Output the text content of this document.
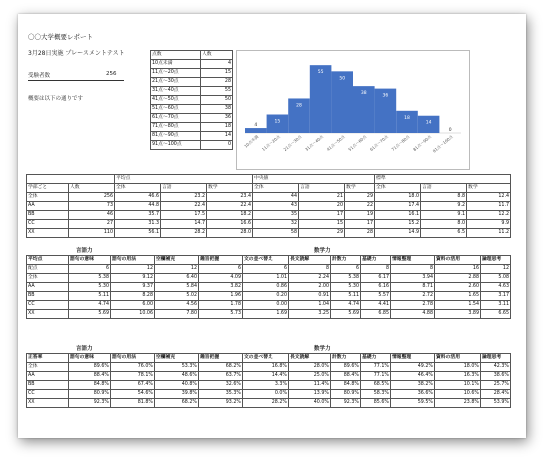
〇〇大学概要レポート
3月28日実施 プレースメントテスト
受験者数	256
概要は以下の通りです
点数	人数
10点未満	4
11点～20点	15
21点～30点	28
31点～40点	55
41点～50点	50
51点～60点	38
61点～70点	36
71点～80点	18
81点～90点	14
91点～100点	0
4
10点未満
15
11点～20点
28
21点～30点
55
31点～40点
50
41点～50点
38
51点～60点
36
61点～70点
18
71点～80点
14
81点～90点
0
91点～100点
		平均点			中央値			標準		
学部ごと	人数	全体	言語	数学	全体	言語	数学	全体	言語	数学
全体	256	46.6	23.2	23.4	44	21	29	18.0	8.8	12.4
AA	73	44.8	22.4	22.4	43	20	22	17.4	9.2	11.7
BB	46	35.7	17.5	18.2	35	17	19	16.1	9.1	12.2
CC	27	31.3	14.7	16.6	32	15	17	15.2	8.0	9.9
XX	110	56.1	28.2	28.0	58	29	28	14.9	6.5	11.2
言語力	数学力
平均点	語句の意味	語句の用法	空欄補充	趣旨把握	文の並べ替え	長文読解	計数力	基礎力	情報整理	資料の活用	論理思考
配点	6	12	12	6	6	8	6	8	8	16	12
全体	5.38	9.12	6.40	4.09	1.01	2.24	5.38	6.17	3.94	2.88	5.08
AA	5.30	9.37	5.84	3.82	0.86	2.00	5.30	6.16	8.71	2.60	4.63
BB	5.11	8.28	5.02	1.96	0.20	0.91	5.11	5.57	2.72	1.65	3.17
CC	4.74	6.00	4.56	1.78	0.00	1.04	4.74	4.41	2.78	1.54	3.11
XX	5.69	10.06	7.80	5.73	1.69	3.25	5.69	6.85	4.88	3.89	6.65
言語力	数学力
正答率	語句の意味	語句の用法	空欄補充	趣旨把握	文の並べ替え	長文読解	計数力	基礎力	情報整理	資料の活用	論理思考
全体	89.6%	76.0%	53.3%	68.2%	16.8%	28.0%	89.6%	77.1%	49.2%	18.0%	42.3%
AA	88.4%	78.1%	48.6%	63.7%	14.4%	25.0%	88.4%	77.1%	46.4%	16.3%	38.6%
BB	84.8%	67.4%	40.8%	32.6%	3.3%	11.4%	84.8%	68.5%	38.2%	10.1%	25.7%
CC	80.9%	54.6%	39.8%	35.3%	0.0%	13.9%	80.9%	58.3%	36.6%	10.6%	28.4%
XX	92.3%	81.8%	68.2%	93.2%	28.2%	40.0%	92.3%	85.6%	59.5%	23.8%	53.9%
